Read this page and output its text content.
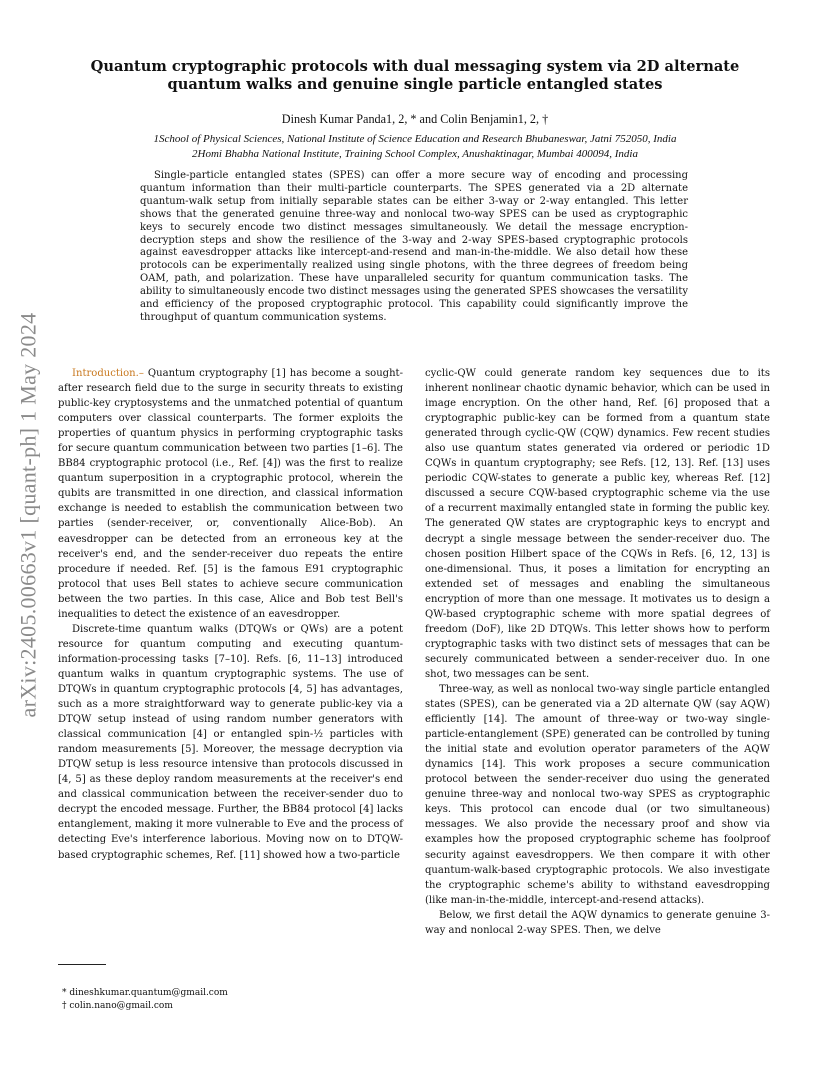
arXiv:2405.00663v1 [quant-ph] 1 May 2024
Quantum cryptographic protocols with dual messaging system via 2D alternate quantum walks and genuine single particle entangled states
Dinesh Kumar Panda1, 2, * and Colin Benjamin1, 2, †
1School of Physical Sciences, National Institute of Science Education and Research Bhubaneswar, Jatni 752050, India
2Homi Bhabha National Institute, Training School Complex, Anushaktinagar, Mumbai 400094, India
Single-particle entangled states (SPES) can offer a more secure way of encoding and processing quantum information than their multi-particle counterparts. The SPES generated via a 2D alternate quantum-walk setup from initially separable states can be either 3-way or 2-way entangled. This letter shows that the generated genuine three-way and nonlocal two-way SPES can be used as cryptographic keys to securely encode two distinct messages simultaneously. We detail the message encryption-decryption steps and show the resilience of the 3-way and 2-way SPES-based cryptographic protocols against eavesdropper attacks like intercept-and-resend and man-in-the-middle. We also detail how these protocols can be experimentally realized using single photons, with the three degrees of freedom being OAM, path, and polarization. These have unparalleled security for quantum communication tasks. The ability to simultaneously encode two distinct messages using the generated SPES showcases the versatility and efficiency of the proposed cryptographic protocol. This capability could significantly improve the throughput of quantum communication systems.

Introduction.– Quantum cryptography [1] has become a sought-after research field due to the surge in security threats to existing public-key cryptosystems and the unmatched potential of quantum computers over classical counterparts. The former exploits the properties of quantum physics in performing cryptographic tasks for secure quantum communication between two parties [1–6]. The BB84 cryptographic protocol (i.e., Ref. [4]) was the first to realize quantum superposition in a cryptographic protocol, wherein the qubits are transmitted in one direction, and classical information exchange is needed to establish the communication between two parties (sender-receiver, or, conventionally Alice-Bob). An eavesdropper can be detected from an erroneous key at the receiver's end, and the sender-receiver duo repeats the entire procedure if needed. Ref. [5] is the famous E91 cryptographic protocol that uses Bell states to achieve secure communication between the two parties. In this case, Alice and Bob test Bell's inequalities to detect the existence of an eavesdropper.

Discrete-time quantum walks (DTQWs or QWs) are a potent resource for quantum computing and executing quantum-information-processing tasks [7–10]. Refs. [6, 11–13] introduced quantum walks in quantum cryptographic systems. The use of DTQWs in quantum cryptographic protocols [4, 5] has advantages, such as a more straightforward way to generate public-key via a DTQW setup instead of using random number generators with classical communication [4] or entangled spin-½ particles with random measurements [5]. Moreover, the message decryption via DTQW setup is less resource intensive than protocols discussed in [4, 5] as these deploy random measurements at the receiver's end and classical communication between the receiver-sender duo to decrypt the encoded message. Further, the BB84 protocol [4] lacks entanglement, making it more vulnerable to Eve and the process of detecting Eve's interference laborious. Moving now on to DTQW-based cryptographic schemes, Ref. [11] showed how a two-particle

cyclic-QW could generate random key sequences due to its inherent nonlinear chaotic dynamic behavior, which can be used in image encryption. On the other hand, Ref. [6] proposed that a cryptographic public-key can be formed from a quantum state generated through cyclic-QW (CQW) dynamics. Few recent studies also use quantum states generated via ordered or periodic 1D CQWs in quantum cryptography; see Refs. [12, 13]. Ref. [13] uses periodic CQW-states to generate a public key, whereas Ref. [12] discussed a secure CQW-based cryptographic scheme via the use of a recurrent maximally entangled state in forming the public key. The generated QW states are cryptographic keys to encrypt and decrypt a single message between the sender-receiver duo. The chosen position Hilbert space of the CQWs in Refs. [6, 12, 13] is one-dimensional. Thus, it poses a limitation for encrypting an extended set of messages and enabling the simultaneous encryption of more than one message. It motivates us to design a QW-based cryptographic scheme with more spatial degrees of freedom (DoF), like 2D DTQWs. This letter shows how to perform cryptographic tasks with two distinct sets of messages that can be securely communicated between a sender-receiver duo. In one shot, two messages can be sent.

Three-way, as well as nonlocal two-way single particle entangled states (SPES), can be generated via a 2D alternate QW (say AQW) efficiently [14]. The amount of three-way or two-way single-particle-entanglement (SPE) generated can be controlled by tuning the initial state and evolution operator parameters of the AQW dynamics [14]. This work proposes a secure communication protocol between the sender-receiver duo using the generated genuine three-way and nonlocal two-way SPES as cryptographic keys. This protocol can encode dual (or two simultaneous) messages. We also provide the necessary proof and show via examples how the proposed cryptographic scheme has foolproof security against eavesdroppers. We then compare it with other quantum-walk-based cryptographic protocols. We also investigate the cryptographic scheme's ability to withstand eavesdropping (like man-in-the-middle, intercept-and-resend attacks).

Below, we first detail the AQW dynamics to generate genuine 3-way and nonlocal 2-way SPES. Then, we delve

* dineshkumar.quantum@gmail.com
† colin.nano@gmail.com
